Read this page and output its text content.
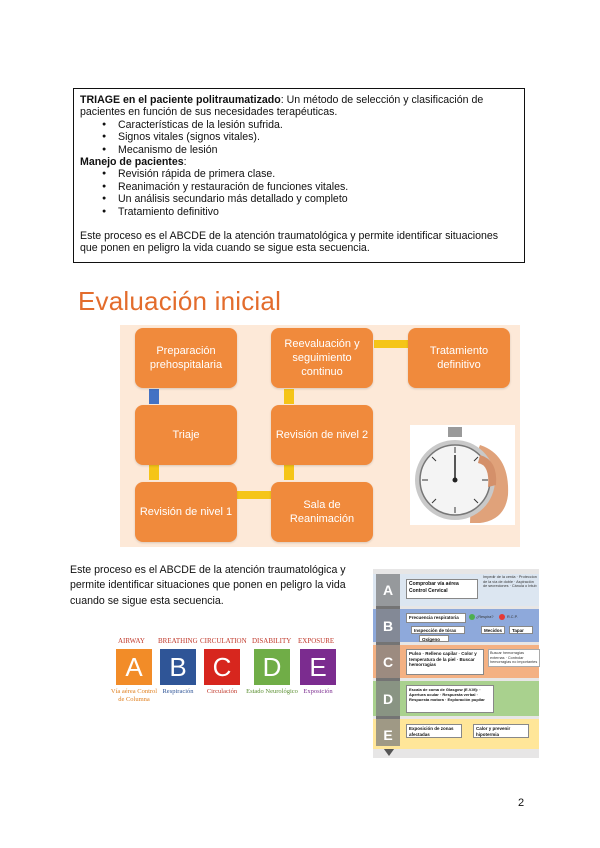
TRIAGE en el paciente politraumatizado: Un método de selección y clasificación de pacientes en función de sus necesidades terapéuticas.

● Características de la lesión sufrida.
● Signos vitales (signos vitales).
● Mecanismo de lesión

Manejo de pacientes:

● Revisión rápida de primera clase.
● Reanimación y restauración de funciones vitales.
● Un análisis secundario más detallado y completo
● Tratamiento definitivo

Este proceso es el ABCDE de la atención traumatológica y permite identificar situaciones que ponen en peligro la vida cuando se sigue esta secuencia.

Evaluación inicial
Preparación prehospitalaria
Reevaluación y seguimiento continuo
Tratamiento definitivo
Triaje	Revisión de nivel 2
Revisión de nivel 1
Sala de Reanimación
Este proceso es el ABCDE de la atención traumatológica y permite identificar situaciones que ponen en peligro la vida cuando se sigue esta secuencia.
AIRWAY BREATHING CIRCULATION DISABILITY EXPOSURE
A	B C	D	E
Vía aérea Control de Columna
Respiración	Circulación	Estado Neurológico Exposición
A
B
C
D
E
Comprobar vía aérea Control Cervical
Impedir de la cerda · Proteccion de la vía de doble · Aspiración de secreciones · Cánula o Intub
Frecuencia respiratoria	¿Respira?	R.C.P.
Inspección de tórax	Mecidos	Tapar
Oxígeno
Pulso · Relleno capilar · Color y temperatura de la piel · Buscar hemorragias
Buscar hemorragias externas · Controlar hemorragias no importantes
Escala de coma de Glasgow (E.V.M): · Apertura ocular · Respuesta verbal · Respuesta motora · Exploración pupilar
Exposición de zonas afectadas
Calor y prevenir hipotermia
2
